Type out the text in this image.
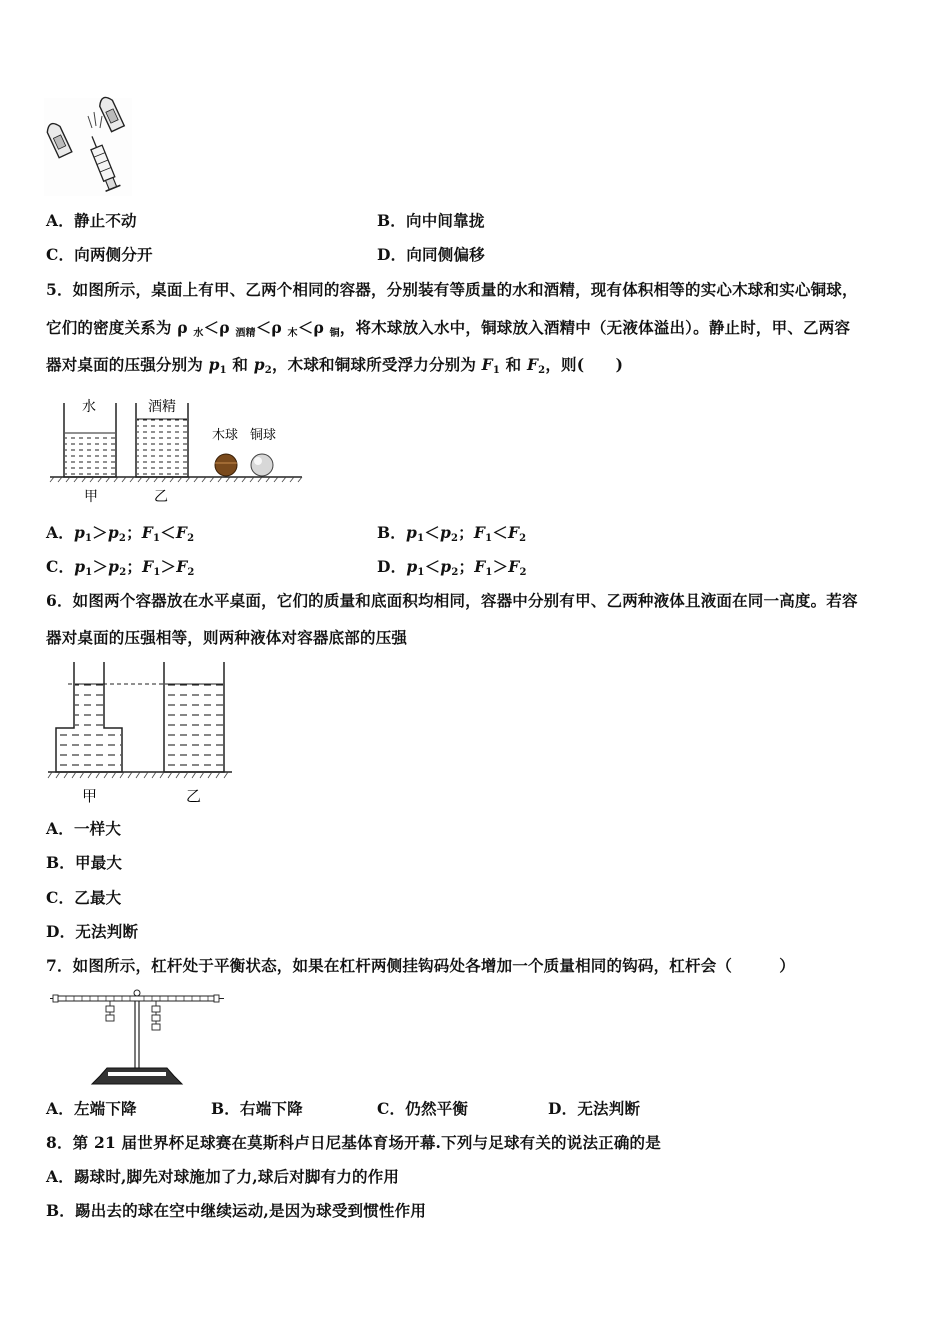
A．静止不动	B．向中间靠拢
C．向两侧分开	D．向同侧偏移
5．如图所示，桌面上有甲、乙两个相同的容器，分别装有等质量的水和酒精，现有体积相等的实心木球和实心铜球，
它们的密度关系为 ρ $_水$＜ρ $_{酒精}$＜ρ $_木$＜ρ $_铜$，将木球放入水中，铜球放入酒精中（无液体溢出）。静止时，甲、乙两容
器对桌面的压强分别为 $p_1$ 和 $p_2$，木球和铜球所受浮力分别为 $F_1$ 和 $F_2$，则(　　)
水	酒精
木球 铜球
甲	乙
A．$p_1>p_2$；$F_1<F_2$	B．$p_1<p_2$；$F_1<F_2$
C．$p_1>p_2$；$F_1>F_2$	D．$p_1<p_2$；$F_1>F_2$
6．如图两个容器放在水平桌面，它们的质量和底面积均相同，容器中分别有甲、乙两种液体且液面在同一高度。若容
器对桌面的压强相等，则两种液体对容器底部的压强
甲	乙
A．一样大
B．甲最大
C．乙最大
D．无法判断
7．如图所示，杠杆处于平衡状态，如果在杠杆两侧挂钩码处各增加一个质量相同的钩码，杠杆会（　　　）
A．左端下降	B．右端下降	C．仍然平衡	D．无法判断
8．第 21 届世界杯足球赛在莫斯科卢日尼基体育场开幕.下列与足球有关的说法正确的是
A．踢球时,脚先对球施加了力,球后对脚有力的作用
B．踢出去的球在空中继续运动,是因为球受到惯性作用
